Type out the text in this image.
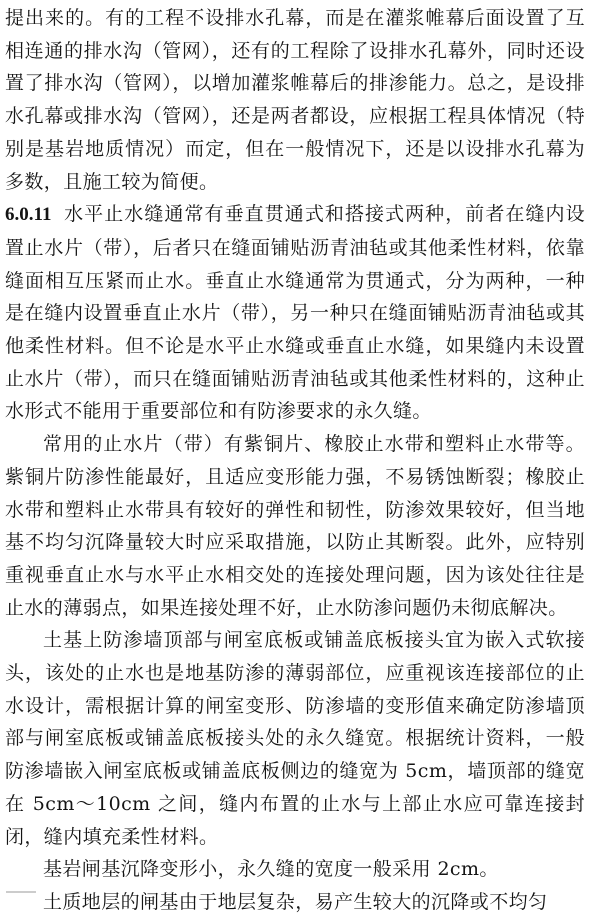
提出来的。有的工程不设排水孔幕，而是在灌浆帷幕后面设置了互相连通的排水沟（管网），还有的工程除了设排水孔幕外，同时还设置了排水沟（管网），以增加灌浆帷幕后的排渗能力。总之，是设排水孔幕或排水沟（管网），还是两者都设，应根据工程具体情况（特别是基岩地质情况）而定，但在一般情况下，还是以设排水孔幕为多数，且施工较为简便。

6.0.11 水平止水缝通常有垂直贯通式和搭接式两种，前者在缝内设置止水片（带），后者只在缝面铺贴沥青油毡或其他柔性材料，依靠缝面相互压紧而止水。垂直止水缝通常为贯通式，分为两种，一种是在缝内设置垂直止水片（带），另一种只在缝面铺贴沥青油毡或其他柔性材料。但不论是水平止水缝或垂直止水缝，如果缝内未设置止水片（带），而只在缝面铺贴沥青油毡或其他柔性材料的，这种止水形式不能用于重要部位和有防渗要求的永久缝。

常用的止水片（带）有紫铜片、橡胶止水带和塑料止水带等。紫铜片防渗性能最好，且适应变形能力强，不易锈蚀断裂；橡胶止水带和塑料止水带具有较好的弹性和韧性，防渗效果较好，但当地基不均匀沉降量较大时应采取措施，以防止其断裂。此外，应特别重视垂直止水与水平止水相交处的连接处理问题，因为该处往往是止水的薄弱点，如果连接处理不好，止水防渗问题仍未彻底解决。

土基上防渗墙顶部与闸室底板或铺盖底板接头宜为嵌入式软接头，该处的止水也是地基防渗的薄弱部位，应重视该连接部位的止水设计，需根据计算的闸室变形、防渗墙的变形值来确定防渗墙顶部与闸室底板或铺盖底板接头处的永久缝宽。根据统计资料，一般防渗墙嵌入闸室底板或铺盖底板侧边的缝宽为 5cm，墙顶部的缝宽在 5cm～10cm 之间，缝内布置的止水与上部止水应可靠连接封闭，缝内填充柔性材料。

基岩闸基沉降变形小，永久缝的宽度一般采用 2cm。

土质地层的闸基由于地层复杂，易产生较大的沉降或不均匀
